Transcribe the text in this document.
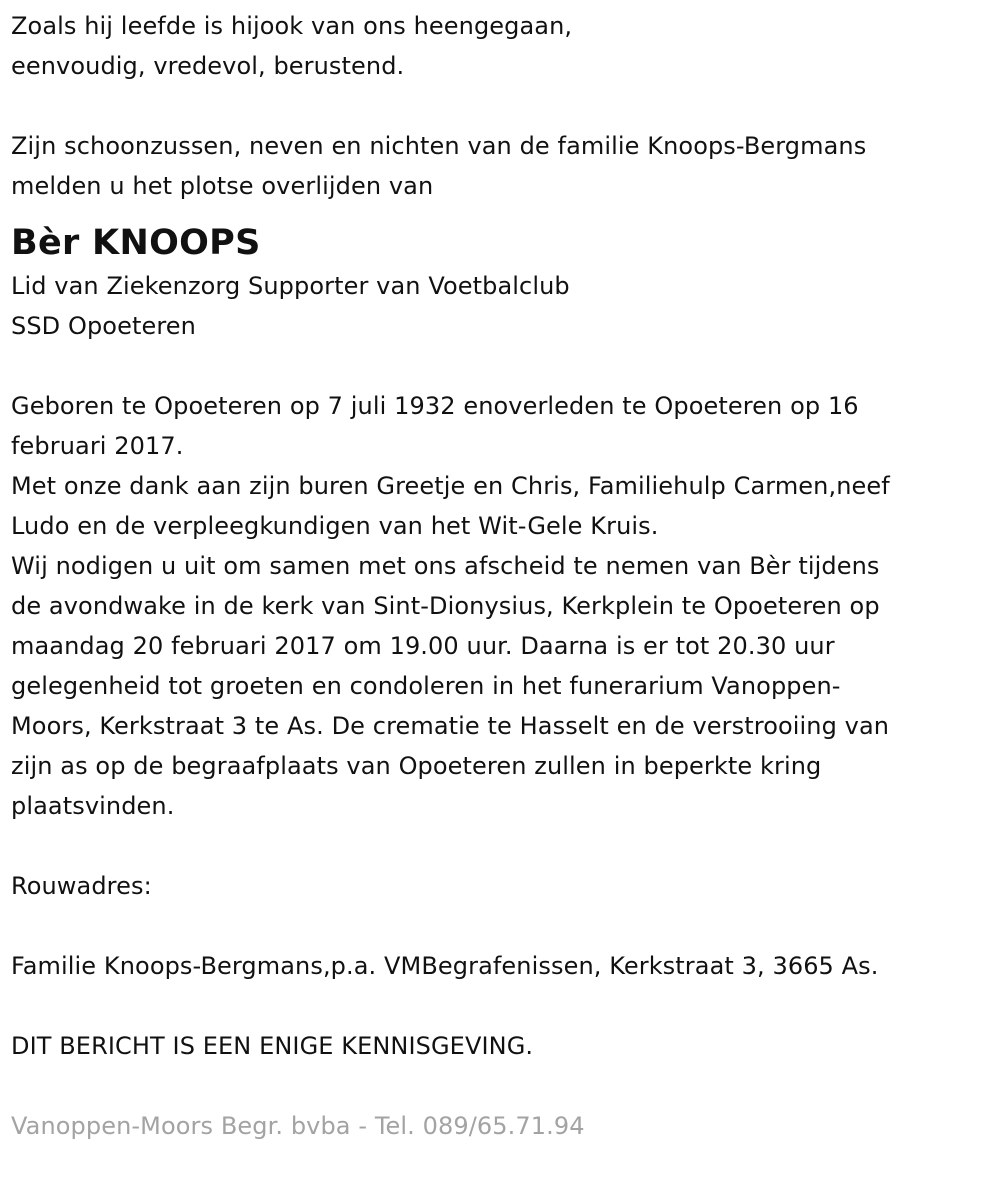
Zoals hij leefde is hijook van ons heengegaan,

eenvoudig, vredevol, berustend.

Zijn schoonzussen, neven en nichten van de familie Knoops-Bergmans

melden u het plotse overlijden van

Bèr KNOOPS

Lid van Ziekenzorg Supporter van Voetbalclub

SSD Opoeteren

Geboren te Opoeteren op 7 juli 1932 enoverleden te Opoeteren op 16

februari 2017.

Met onze dank aan zijn buren Greetje en Chris, Familiehulp Carmen,neef

Ludo en de verpleegkundigen van het Wit-Gele Kruis.

Wij nodigen u uit om samen met ons afscheid te nemen van Bèr tijdens

de avondwake in de kerk van Sint-Dionysius, Kerkplein te Opoeteren op

maandag 20 februari 2017 om 19.00 uur. Daarna is er tot 20.30 uur

gelegenheid tot groeten en condoleren in het funerarium Vanoppen-

Moors, Kerkstraat 3 te As. De crematie te Hasselt en de verstrooiing van

zijn as op de begraafplaats van Opoeteren zullen in beperkte kring

plaatsvinden.

Rouwadres:

Familie Knoops-Bergmans,p.a. VMBegrafenissen, Kerkstraat 3, 3665 As.

DIT BERICHT IS EEN ENIGE KENNISGEVING.

Vanoppen-Moors Begr. bvba - Tel. 089/65.71.94
